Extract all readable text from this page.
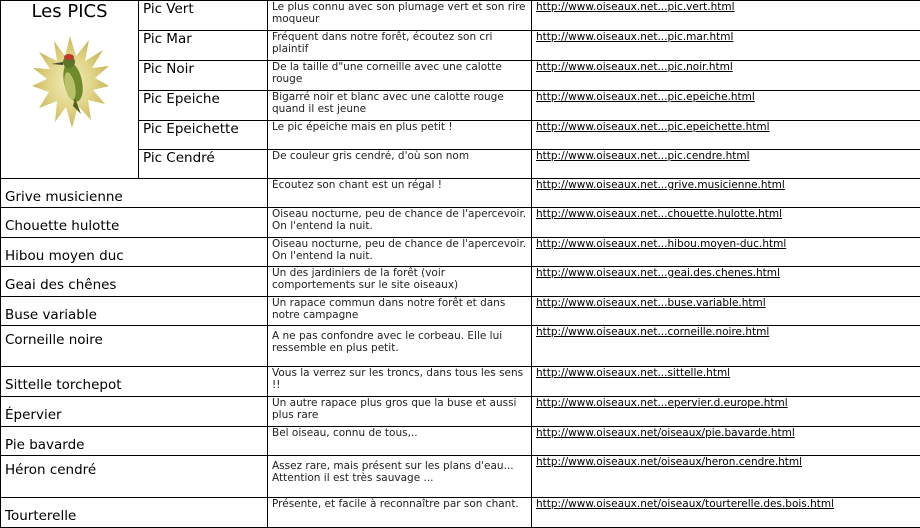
Les PICS	Pic Vert	Le plus connu avec son plumage vert et son rire moqueur	http://www.oiseaux.net...pic.vert.html
	Pic Mar	Fréquent dans notre forêt, écoutez son cri plaintif	http://www.oiseaux.net...pic.mar.html
	Pic Noir	De la taille d"une corneille avec une calotte rouge	http://www.oiseaux.net...pic.noir.html
	Pic Epeiche	Bigarré noir et blanc avec une calotte rouge quand il est jeune	http://www.oiseaux.net...pic.epeiche.html
	Pic Epeichette	Le pic épeiche mais en plus petit !	http://www.oiseaux.net...pic.epeichette.html
	Pic Cendré	De couleur gris cendré, d'où son nom	http://www.oiseaux.net...pic.cendre.html
Grive musicienne		Écoutez son chant est un régal !	http://www.oiseaux.net...grive.musicienne.html
Chouette hulotte		Oiseau nocturne, peu de chance de l'apercevoir. On l'entend la nuit.	http://www.oiseaux.net...chouette.hulotte.html
Hibou moyen duc		Oiseau nocturne, peu de chance de l'apercevoir. On l'entend la nuit.	http://www.oiseaux.net...hibou.moyen-duc.html
Geai des chênes		Un des jardiniers de la forêt (voir comportements sur le site oiseaux)	http://www.oiseaux.net...geai.des.chenes.html
Buse variable		Un rapace commun dans notre forêt et dans notre campagne	http://www.oiseaux.net...buse.variable.html
Corneille noire		A ne pas confondre avec le corbeau. Elle lui ressemble en plus petit.	http://www.oiseaux.net...corneille.noire.html
Sittelle torchepot		Vous la verrez sur les troncs, dans tous les sens !!	http://www.oiseaux.net...sittelle.html
Épervier		Un autre rapace plus gros que la buse et aussi plus rare	http://www.oiseaux.net...epervier.d.europe.html
Pie bavarde		Bel oiseau, connu de tous,..	http://www.oiseaux.net/oiseaux/pie.bavarde.html
Héron cendré		Assez rare, mais présent sur les plans d'eau... Attention il est très sauvage ...	http://www.oiseaux.net/oiseaux/heron.cendre.html
Tourterelle		Présente, et facile à reconnaître par son chant.	http://www.oiseaux.net/oiseaux/tourterelle.des.bois.html
